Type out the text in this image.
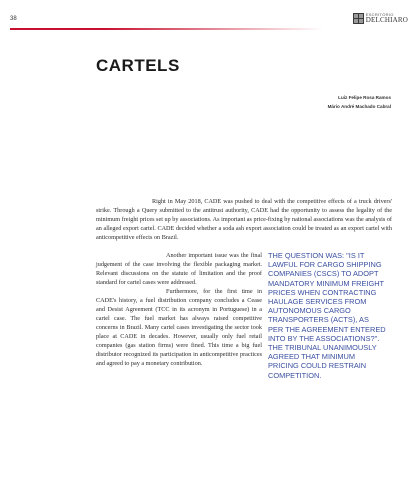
38
ESCRITÓRIO
DELCHIARO
CARTELS
Luiz Felipe Rosa Ramos
Mário André Machado Cabral

Right in May 2018, CADE was pushed to deal with the competitive effects of a truck drivers' strike. Through a Query submitted to the antitrust authority, CADE had the opportunity to assess the legality of the minimum freight prices set up by associations. As important as price-fixing by national associations was the analysis of an alleged export cartel. CADE decided whether a soda ash export association could be treated as an export cartel with anticompetitive effects on Brazil.

Another important issue was the final judgement of the case involving the flexible packaging market. Relevant discussions on the statute of limitation and the proof standard for cartel cases were addressed.

Furthermore, for the first time in CADE's history, a fuel distribution company concludes a Cease and Desist Agreement (TCC in its acronym in Portuguese) in a cartel case. The fuel market has always raised competitive concerns in Brazil. Many cartel cases investigating the sector took place at CADE in decades. However, usually only fuel retail companies (gas station firms) were fined. This time a big fuel distributor recognized its participation in anticompetitive practices and agreed to pay a monetary contribution.

THE QUESTION WAS: "IS IT LAWFUL FOR CARGO SHIPPING COMPANIES (CSCS) TO ADOPT MANDATORY MINIMUM FREIGHT PRICES WHEN CONTRACTING HAULAGE SERVICES FROM AUTONOMOUS CARGO TRANSPORTERS (ACTS), AS PER THE AGREEMENT ENTERED INTO BY THE ASSOCIATIONS?". THE TRIBUNAL UNANIMOUSLY AGREED THAT MINIMUM PRICING COULD RESTRAIN COMPETITION.
